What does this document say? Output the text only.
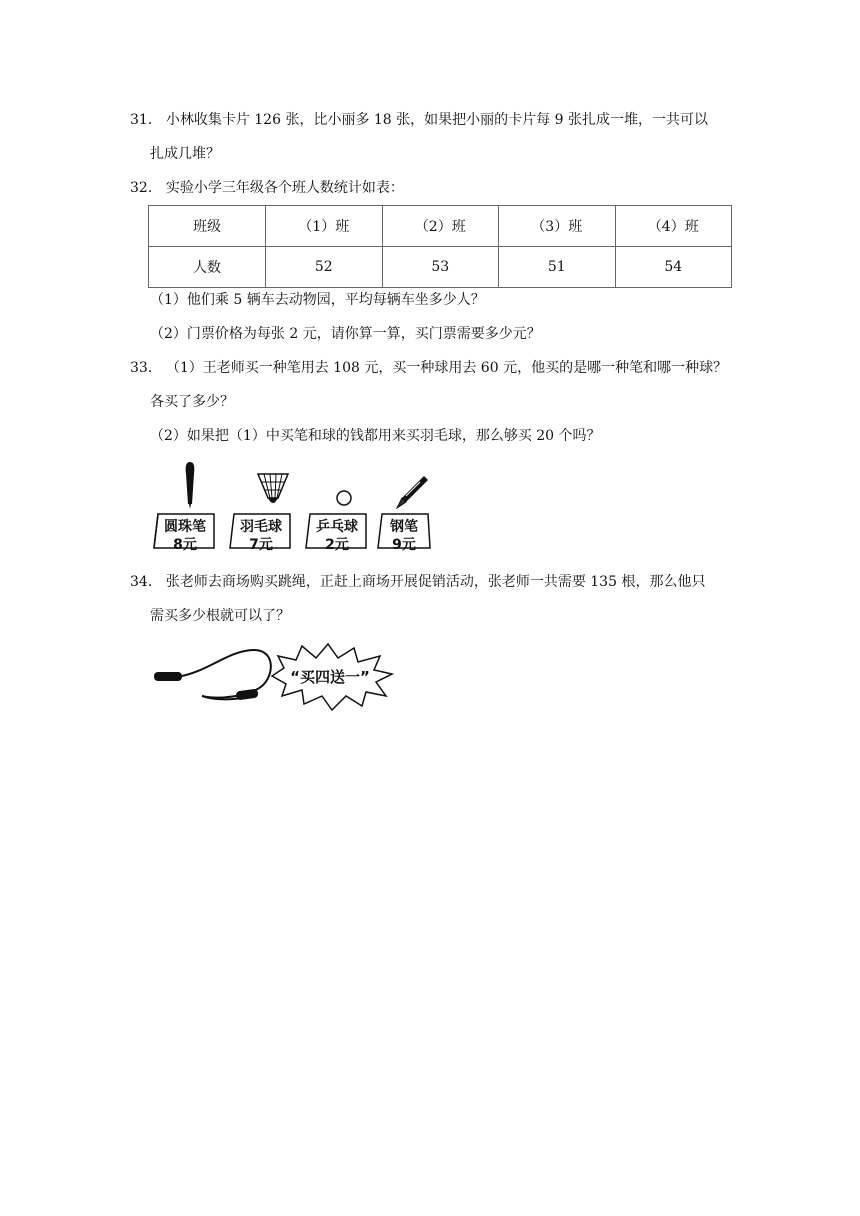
31． 小林收集卡片 126 张，比小丽多 18 张，如果把小丽的卡片每 9 张扎成一堆，一共可以
扎成几堆？
32． 实验小学三年级各个班人数统计如表：
班级	（1）班	（2）班	（3）班	（4）班
人数	52	53	51	54
（1）他们乘 5 辆车去动物园，平均每辆车坐多少人？
（2）门票价格为每张 2 元，请你算一算，买门票需要多少元？
33． （1）王老师买一种笔用去 108 元，买一种球用去 60 元，他买的是哪一种笔和哪一种球？
各买了多少？
（2）如果把（1）中买笔和球的钱都用来买羽毛球，那么够买 20 个吗？
圆珠笔
8元
羽毛球
7元
乒乓球
2元
钢笔
9元
34． 张老师去商场购买跳绳，正赶上商场开展促销活动，张老师一共需要 135 根，那么他只
需买多少根就可以了？
“买四送一”
